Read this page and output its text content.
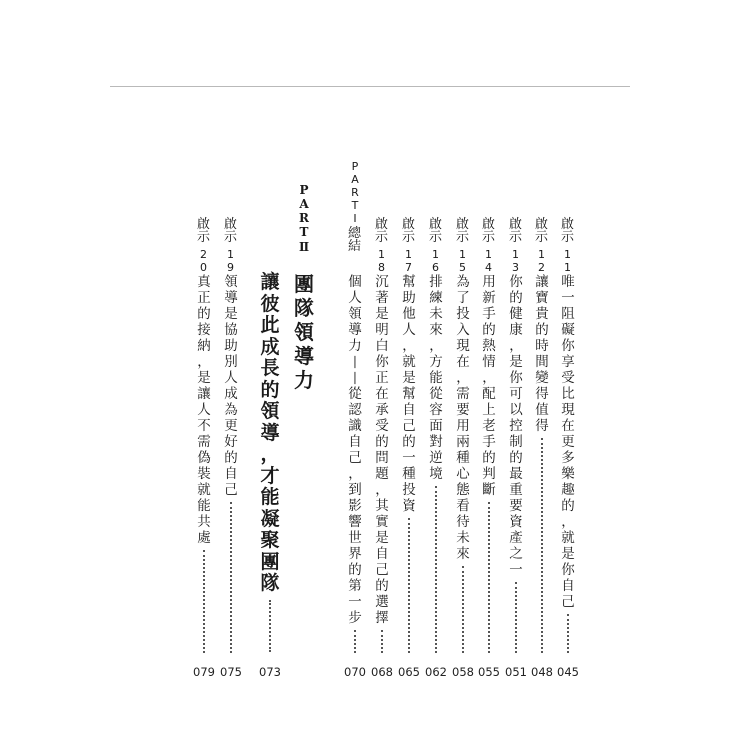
啟
示
1
1
唯
一
阻
礙
你
享
受
比
現
在
更
多
樂
趣
的
，
就
是
你
自
己
045
啟
示
1
2
讓
寶
貴
的
時
間
變
得
值
得
048
啟
示
1
3
你
的
健
康
，
是
你
可
以
控
制
的
最
重
要
資
產
之
一
051
啟
示
1
4
用
新
手
的
熱
情
，
配
上
老
手
的
判
斷
055
啟
示
1
5
為
了
投
入
現
在
，
需
要
用
兩
種
心
態
看
待
未
來
058
啟
示
1
6
排
練
未
來
，
方
能
從
容
面
對
逆
境
062
啟
示
1
7
幫
助
他
人
，
就
是
幫
自
己
的
一
種
投
資
065
啟
示
1
8
沉
著
是
明
白
你
正
在
承
受
的
問
題
，
其
實
是
自
己
的
選
擇
068
個
人
領
導
力
—
—
從
認
識
自
己
，
到
影
響
世
界
的
第
一
步
070
啟
示
1
9
領
導
是
協
助
別
人
成
為
更
好
的
自
己
075
啟
示
2
0
真
正
的
接
納
，
是
讓
人
不
需
偽
裝
就
能
共
處
079
P
A
R
T
Ⅰ
總
結
P
A
R
T
Ⅱ
團
隊
領
導
力
讓
彼
此
成
長
的
領
導
，
才
能
凝
聚
團
隊
073
